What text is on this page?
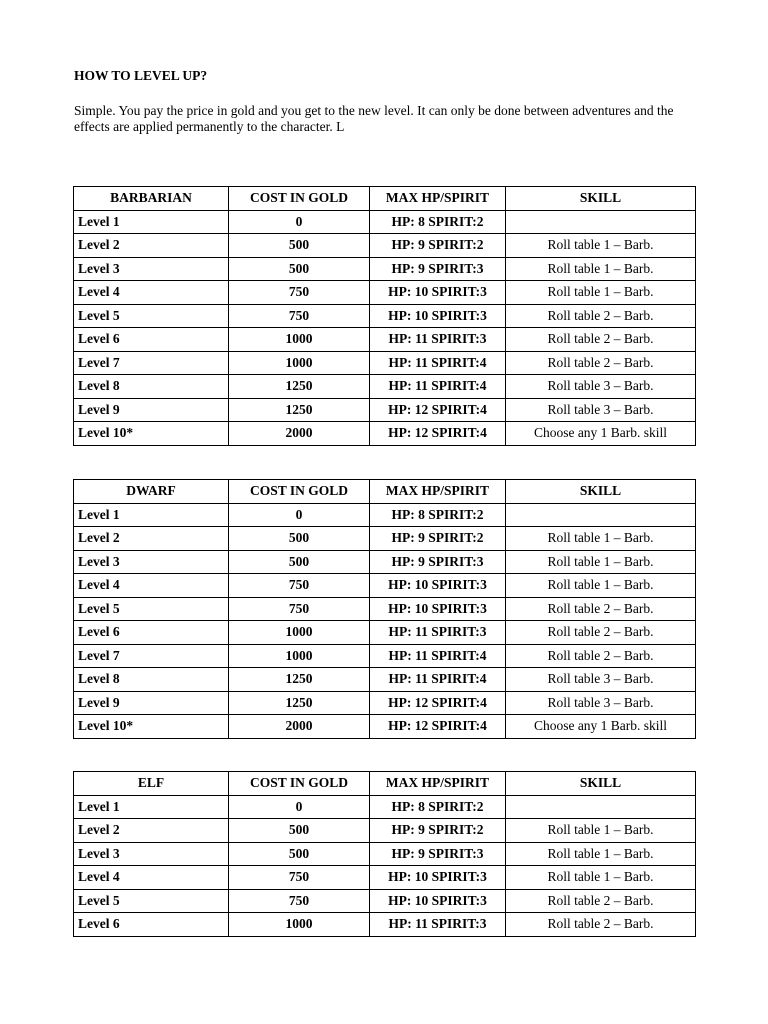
HOW TO LEVEL UP?

Simple. You pay the price in gold and you get to the new level. It can only be done between adventures and the effects are applied permanently to the character. L

BARBARIAN	COST IN GOLD	MAX HP/SPIRIT	SKILL
Level 1	0	HP: 8 SPIRIT:2	
Level 2	500	HP: 9 SPIRIT:2	Roll table 1 – Barb.
Level 3	500	HP: 9 SPIRIT:3	Roll table 1 – Barb.
Level 4	750	HP: 10 SPIRIT:3	Roll table 1 – Barb.
Level 5	750	HP: 10 SPIRIT:3	Roll table 2 – Barb.
Level 6	1000	HP: 11 SPIRIT:3	Roll table 2 – Barb.
Level 7	1000	HP: 11 SPIRIT:4	Roll table 2 – Barb.
Level 8	1250	HP: 11 SPIRIT:4	Roll table 3 – Barb.
Level 9	1250	HP: 12 SPIRIT:4	Roll table 3 – Barb.
Level 10*	2000	HP: 12 SPIRIT:4	Choose any 1 Barb. skill
DWARF	COST IN GOLD	MAX HP/SPIRIT	SKILL
Level 1	0	HP: 8 SPIRIT:2	
Level 2	500	HP: 9 SPIRIT:2	Roll table 1 – Barb.
Level 3	500	HP: 9 SPIRIT:3	Roll table 1 – Barb.
Level 4	750	HP: 10 SPIRIT:3	Roll table 1 – Barb.
Level 5	750	HP: 10 SPIRIT:3	Roll table 2 – Barb.
Level 6	1000	HP: 11 SPIRIT:3	Roll table 2 – Barb.
Level 7	1000	HP: 11 SPIRIT:4	Roll table 2 – Barb.
Level 8	1250	HP: 11 SPIRIT:4	Roll table 3 – Barb.
Level 9	1250	HP: 12 SPIRIT:4	Roll table 3 – Barb.
Level 10*	2000	HP: 12 SPIRIT:4	Choose any 1 Barb. skill
ELF	COST IN GOLD	MAX HP/SPIRIT	SKILL
Level 1	0	HP: 8 SPIRIT:2	
Level 2	500	HP: 9 SPIRIT:2	Roll table 1 – Barb.
Level 3	500	HP: 9 SPIRIT:3	Roll table 1 – Barb.
Level 4	750	HP: 10 SPIRIT:3	Roll table 1 – Barb.
Level 5	750	HP: 10 SPIRIT:3	Roll table 2 – Barb.
Level 6	1000	HP: 11 SPIRIT:3	Roll table 2 – Barb.
